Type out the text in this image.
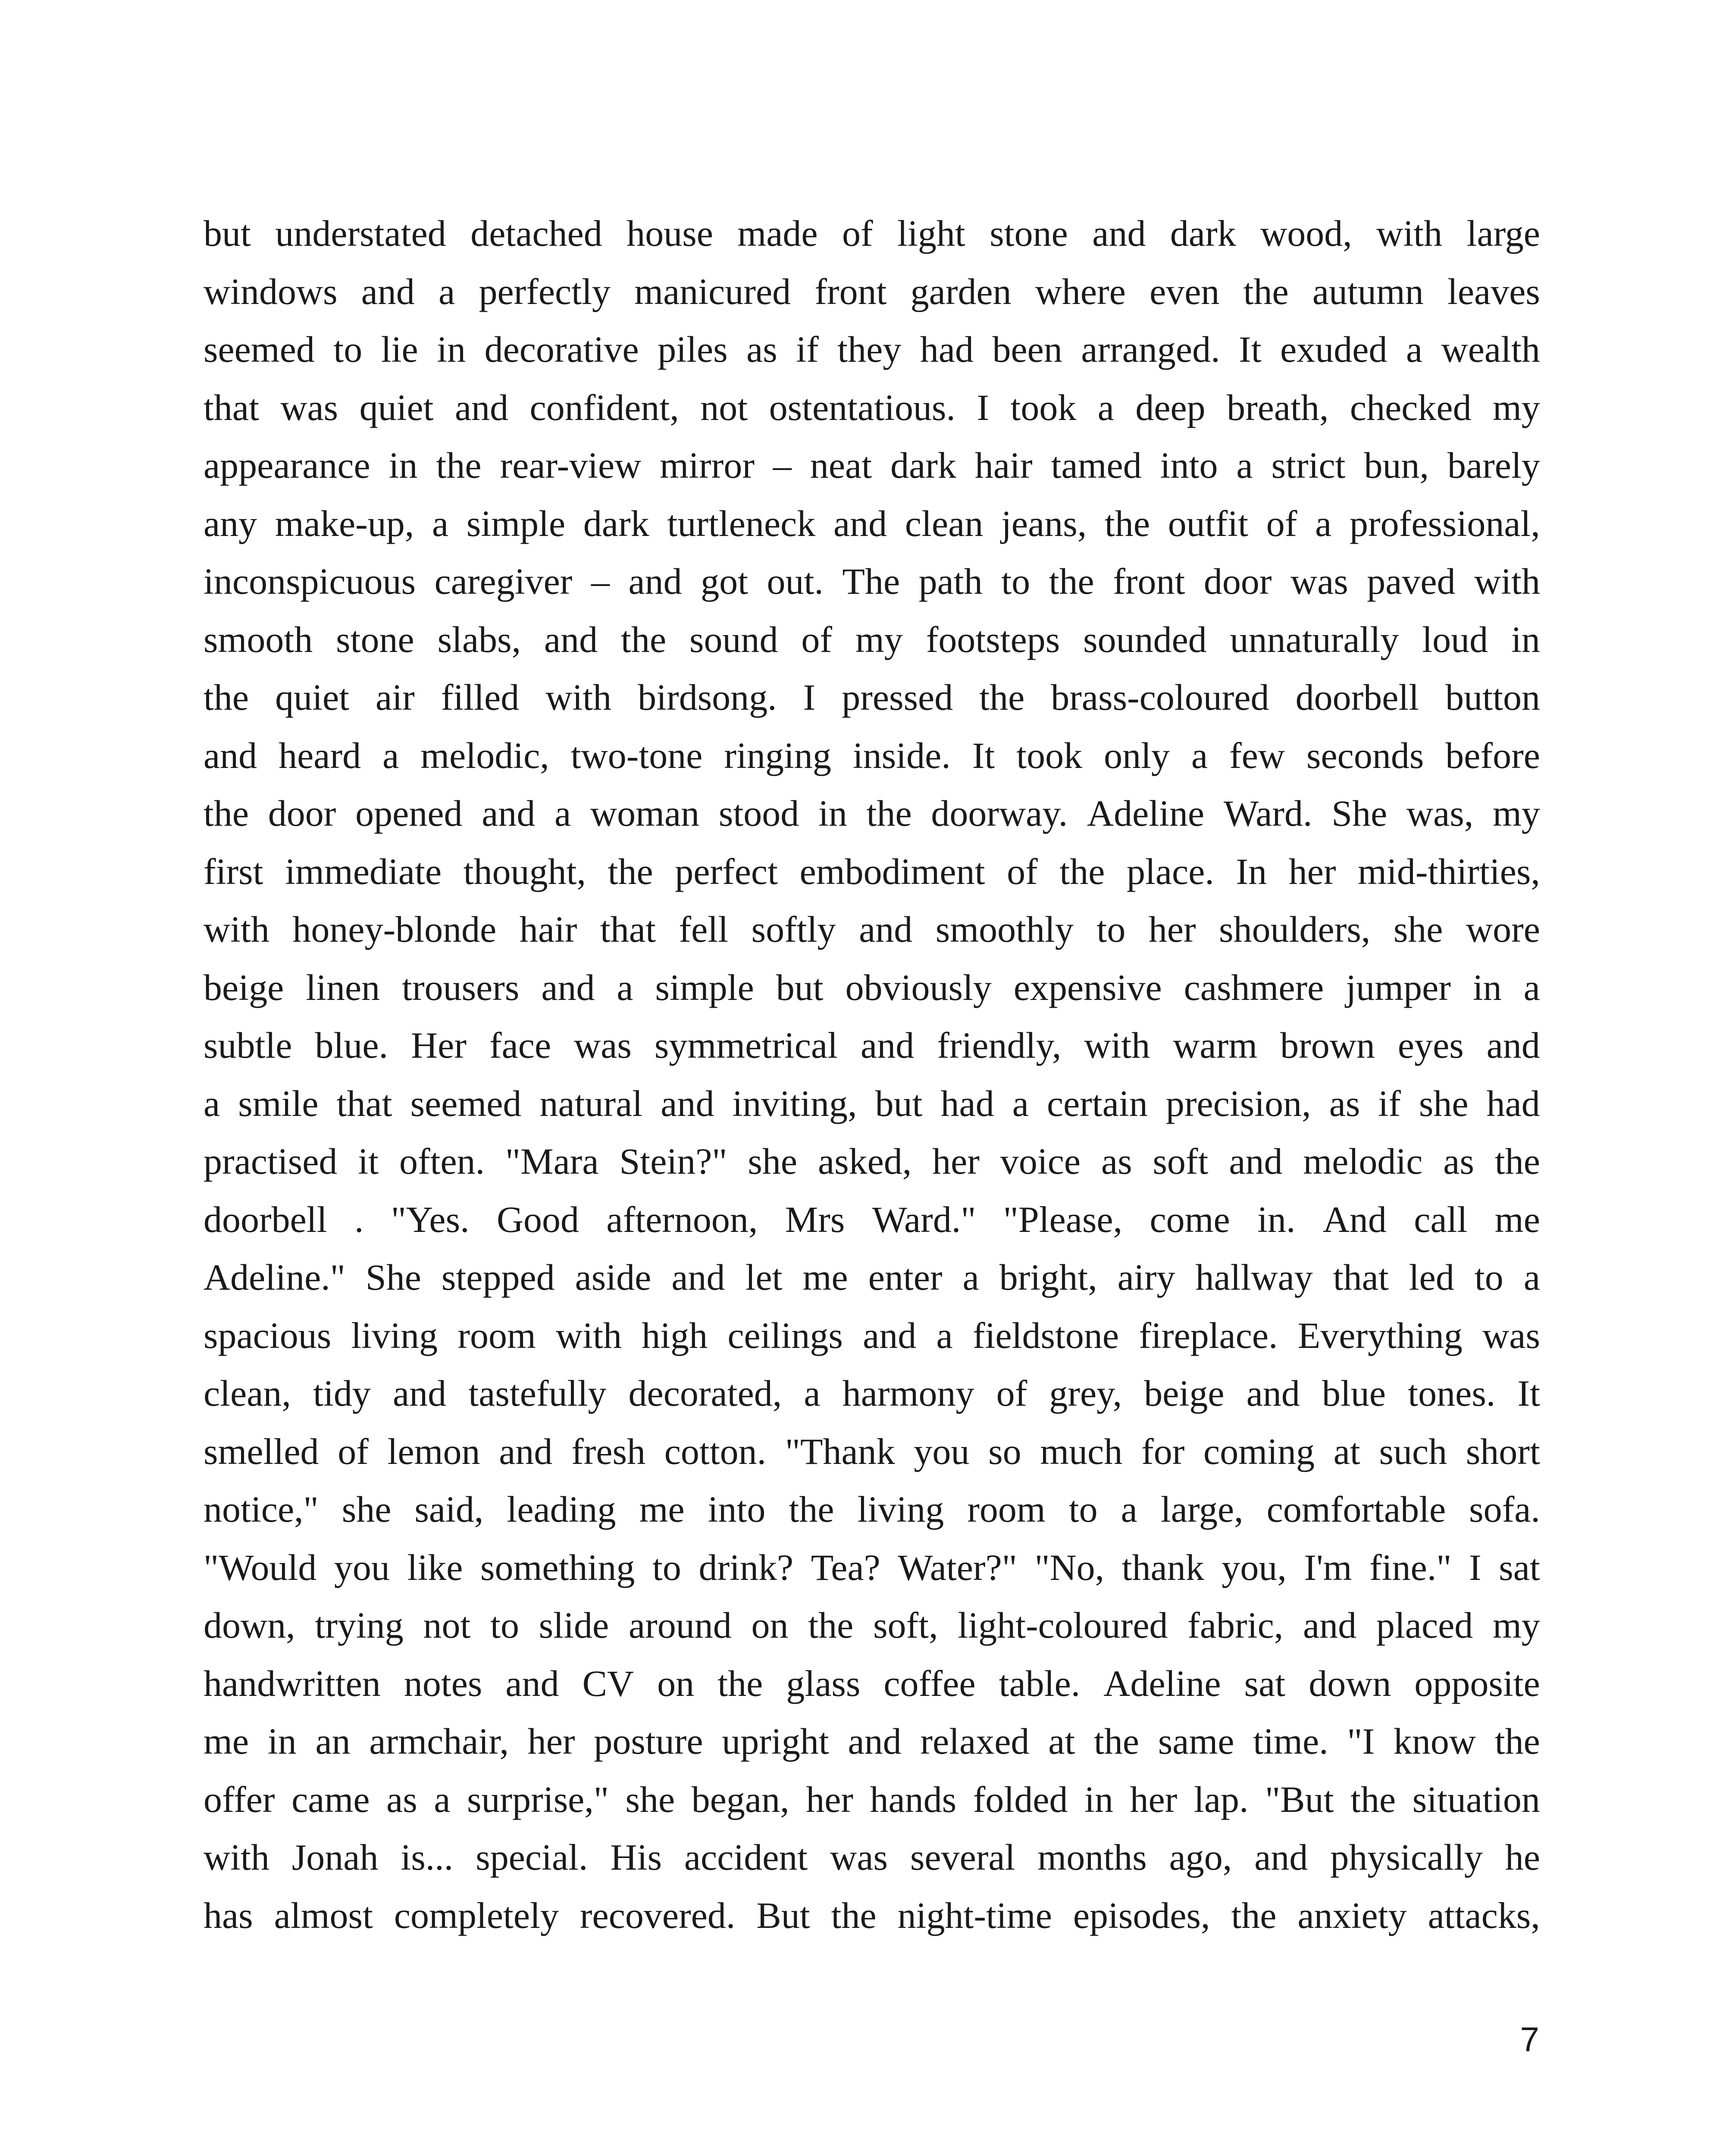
but understated detached house made of light stone and dark wood, with large
windows and a perfectly manicured front garden where even the autumn leaves
seemed to lie in decorative piles as if they had been arranged. It exuded a wealth
that was quiet and confident, not ostentatious. I took a deep breath, checked my
appearance in the rear-view mirror – neat dark hair tamed into a strict bun, barely
any make-up, a simple dark turtleneck and clean jeans, the outfit of a professional,
inconspicuous caregiver – and got out. The path to the front door was paved with
smooth stone slabs, and the sound of my footsteps sounded unnaturally loud in
the quiet air filled with birdsong. I pressed the brass-coloured doorbell button
and heard a melodic, two-tone ringing inside. It took only a few seconds before
the door opened and a woman stood in the doorway. Adeline Ward. She was, my
first immediate thought, the perfect embodiment of the place. In her mid-thirties,
with honey-blonde hair that fell softly and smoothly to her shoulders, she wore
beige linen trousers and a simple but obviously expensive cashmere jumper in a
subtle blue. Her face was symmetrical and friendly, with warm brown eyes and
a smile that seemed natural and inviting, but had a certain precision, as if she had
practised it often. "Mara Stein?" she asked, her voice as soft and melodic as the
doorbell . "Yes. Good afternoon, Mrs Ward." "Please, come in. And call me
Adeline." She stepped aside and let me enter a bright, airy hallway that led to a
spacious living room with high ceilings and a fieldstone fireplace. Everything was
clean, tidy and tastefully decorated, a harmony of grey, beige and blue tones. It
smelled of lemon and fresh cotton. "Thank you so much for coming at such short
notice," she said, leading me into the living room to a large, comfortable sofa.
"Would you like something to drink? Tea? Water?" "No, thank you, I'm fine." I sat
down, trying not to slide around on the soft, light-coloured fabric, and placed my
handwritten notes and CV on the glass coffee table. Adeline sat down opposite
me in an armchair, her posture upright and relaxed at the same time. "I know the
offer came as a surprise," she began, her hands folded in her lap. "But the situation
with Jonah is... special. His accident was several months ago, and physically he
has almost completely recovered. But the night-time episodes, the anxiety attacks,
7
